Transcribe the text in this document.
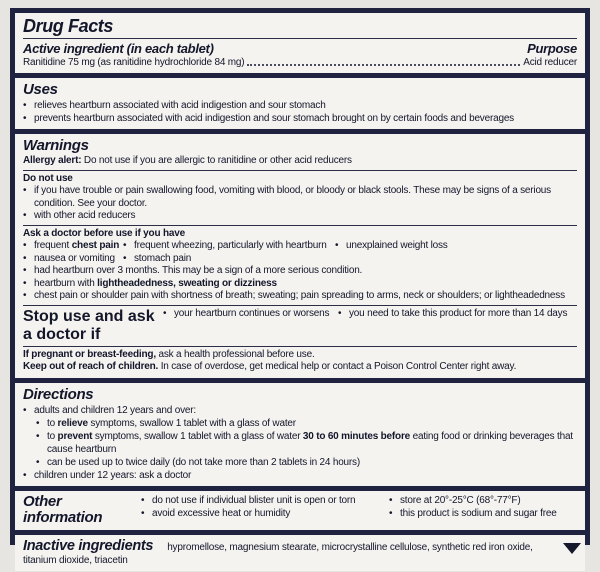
Drug Facts
Active ingredient (in each tablet)	Purpose
Ranitidine 75 mg (as ranitidine hydrochloride 84 mg)	Acid reducer
Uses
• relieves heartburn associated with acid indigestion and sour stomach
• prevents heartburn associated with acid indigestion and sour stomach brought on by certain foods and beverages
Warnings

Allergy alert: Do not use if you are allergic to ranitidine or other acid reducers

Do not use

• if you have trouble or pain swallowing food, vomiting with blood, or bloody or black stools. These may be signs of a serious condition. See your doctor.
• with other acid reducers

Ask a doctor before use if you have

• frequent chest pain • frequent wheezing, particularly with heartburn • unexplained weight loss
• nausea or vomiting • stomach pain
• had heartburn over 3 months. This may be a sign of a more serious condition.
• heartburn with lightheadedness, sweating or dizziness
• chest pain or shoulder pain with shortness of breath; sweating; pain spreading to arms, neck or shoulders; or lightheadedness
Stop use and ask a doctor if
• your heartburn continues or worsens • you need to take this product for more than 14 days

If pregnant or breast-feeding, ask a health professional before use.

Keep out of reach of children. In case of overdose, get medical help or contact a Poison Control Center right away.

Directions
• adults and children 12 years and over:
• to relieve symptoms, swallow 1 tablet with a glass of water
• to prevent symptoms, swallow 1 tablet with a glass of water 30 to 60 minutes before eating food or drinking beverages that cause heartburn
• can be used up to twice daily (do not take more than 2 tablets in 24 hours)
• children under 12 years: ask a doctor
Other information
• do not use if individual blister unit is open or torn
• avoid excessive heat or humidity
• store at 20°-25°C (68°-77°F)
• this product is sodium and sugar free

Inactive ingredients hypromellose, magnesium stearate, microcrystalline cellulose, synthetic red iron oxide, titanium dioxide, triacetin
